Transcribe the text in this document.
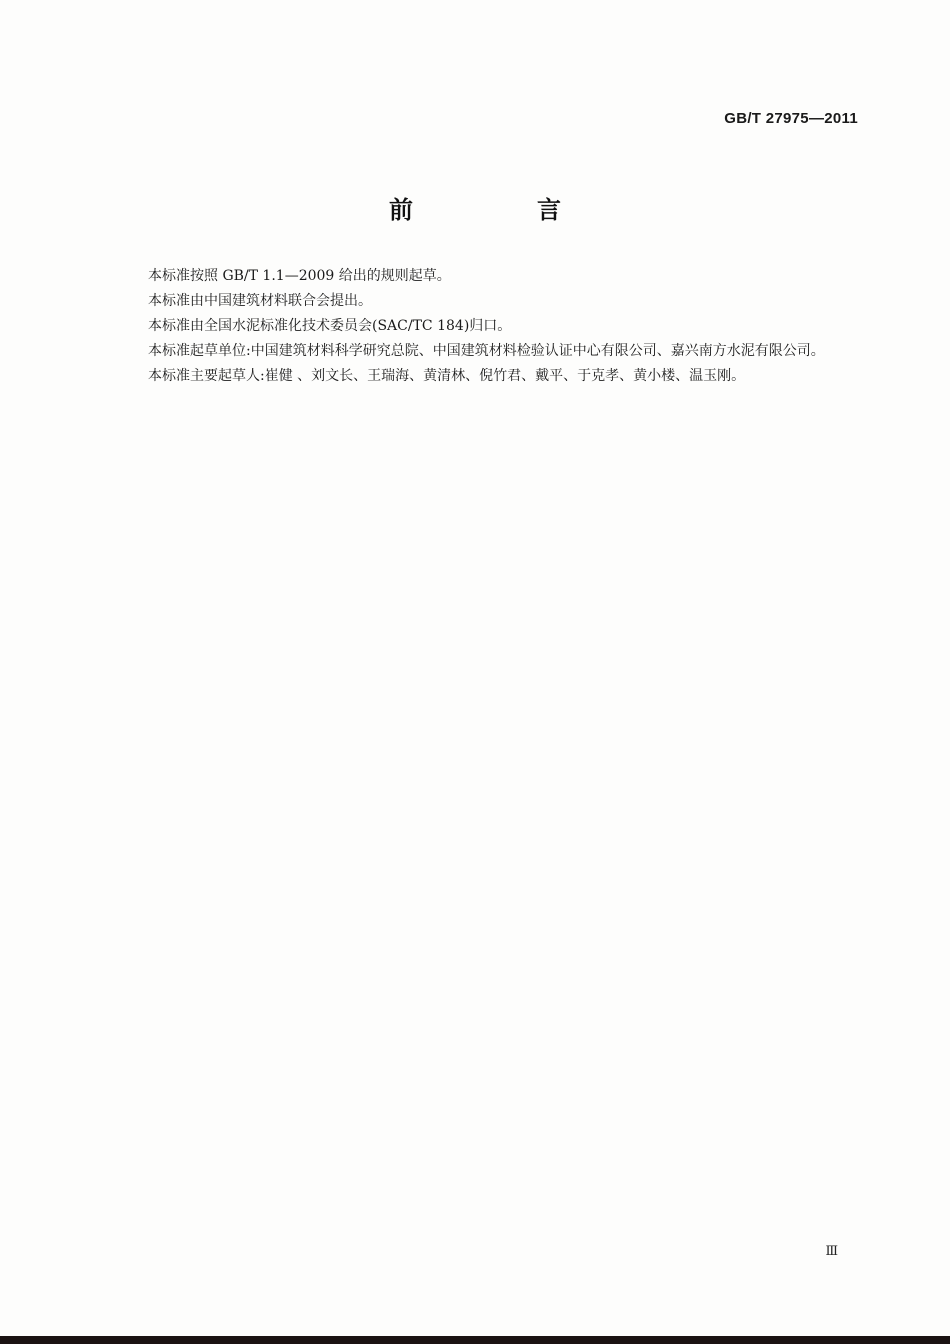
GB/T 27975—2011
前　言

本标准按照 GB/T 1.1—2009 给出的规则起草。

本标准由中国建筑材料联合会提出。

本标准由全国水泥标准化技术委员会(SAC/TC 184)归口。

本标准起草单位:中国建筑材料科学研究总院、中国建筑材料检验认证中心有限公司、嘉兴南方水泥有限公司。

本标准主要起草人:崔健 、刘文长、王瑞海、黄清林、倪竹君、戴平、于克孝、黄小楼、温玉刚。

Ⅲ
